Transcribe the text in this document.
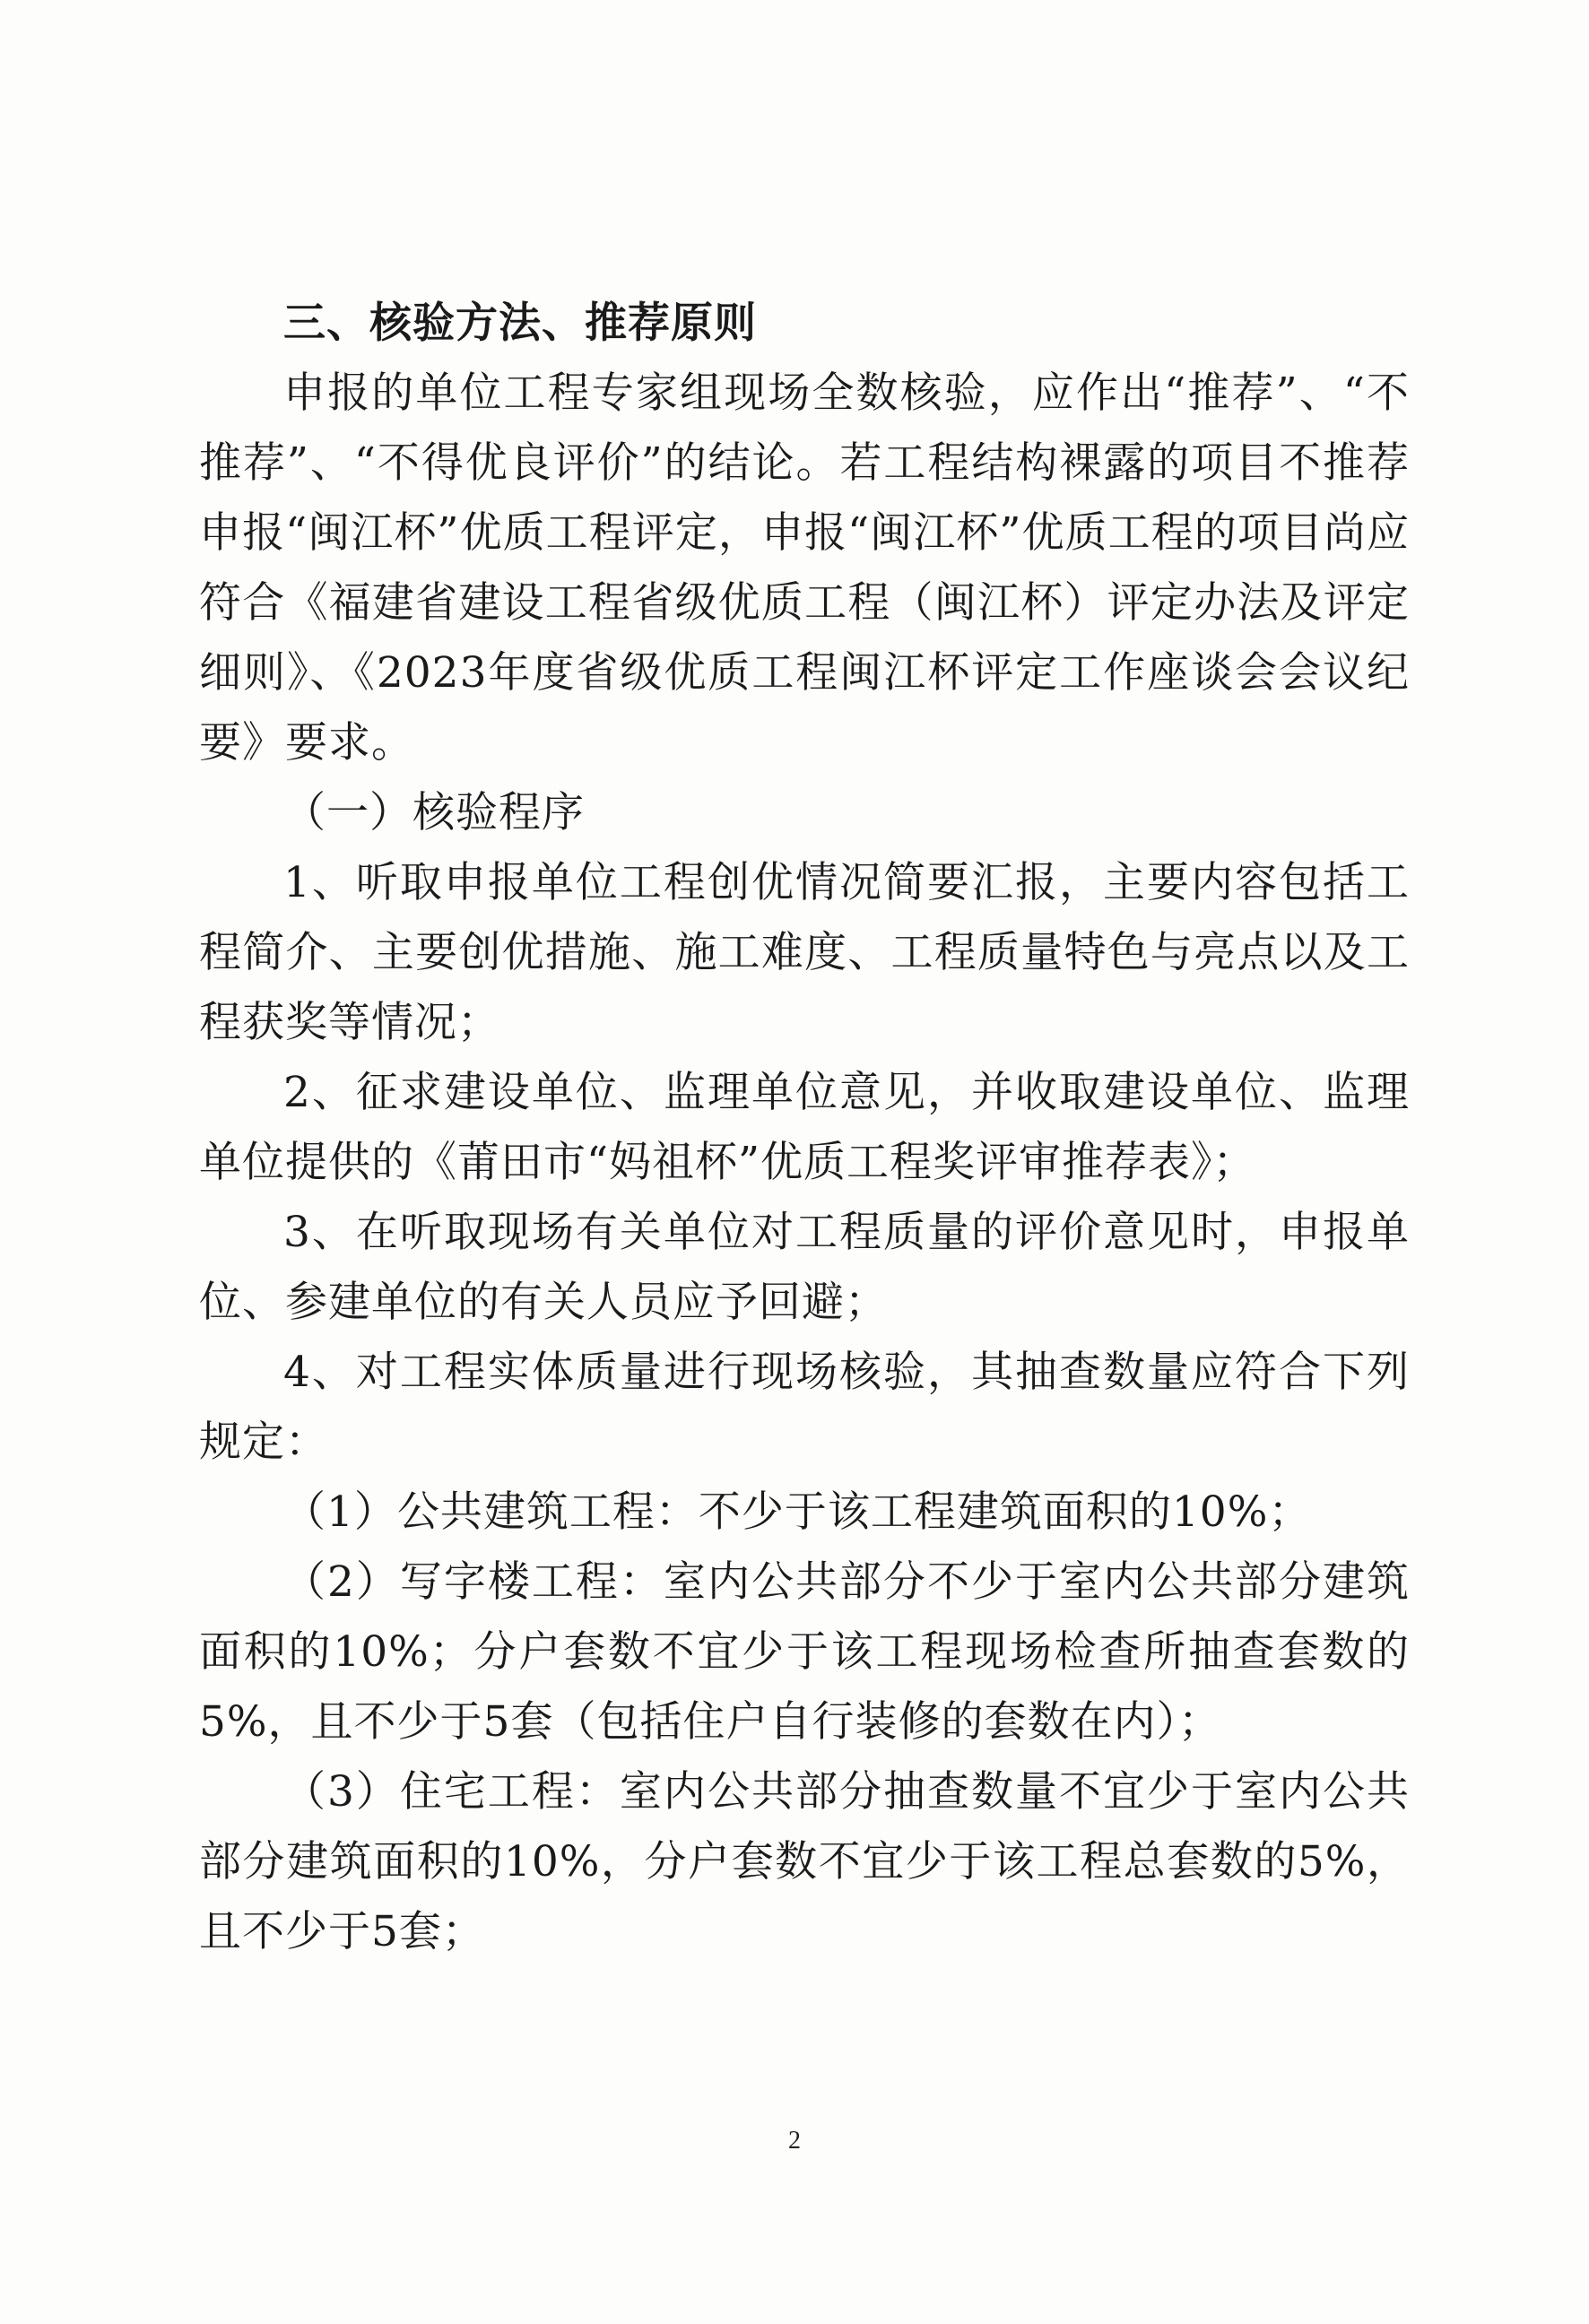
三、核验方法、推荐原则

申报的单位工程专家组现场全数核验，应作出“推荐”、“不推荐”、“不得优良评价”的结论。若工程结构裸露的项目不推荐申报“闽江杯”优质工程评定，申报“闽江杯”优质工程的项目尚应符合《福建省建设工程省级优质工程（闽江杯）评定办法及评定细则》、《2023年度省级优质工程闽江杯评定工作座谈会会议纪要》要求。

（一）核验程序

1、听取申报单位工程创优情况简要汇报，主要内容包括工程简介、主要创优措施、施工难度、工程质量特色与亮点以及工程获奖等情况；

2、征求建设单位、监理单位意见，并收取建设单位、监理单位提供的《莆田市“妈祖杯”优质工程奖评审推荐表》；

3、在听取现场有关单位对工程质量的评价意见时，申报单位、参建单位的有关人员应予回避；

4、对工程实体质量进行现场核验，其抽查数量应符合下列规定：

（1）公共建筑工程：不少于该工程建筑面积的10%；

（2）写字楼工程：室内公共部分不少于室内公共部分建筑面积的10%；分户套数不宜少于该工程现场检查所抽查套数的5%，且不少于5套（包括住户自行装修的套数在内）；

（3）住宅工程：室内公共部分抽查数量不宜少于室内公共部分建筑面积的10%，分户套数不宜少于该工程总套数的5%，且不少于5套；

2
